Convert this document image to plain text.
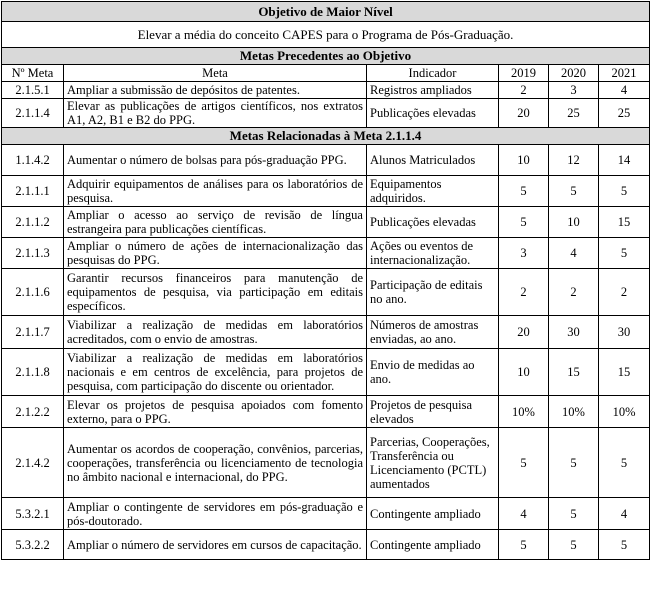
Objetivo de Maior Nível					
Elevar a média do conceito CAPES para o Programa de Pós-Graduação.					
Metas Precedentes ao Objetivo					
Nº Meta	Meta	Indicador	2019	2020	2021
2.1.5.1	Ampliar a submissão de depósitos de patentes.	Registros ampliados	2	3	4
2.1.1.4	Elevar as publicações de artigos científicos, nos extratos A1, A2, B1 e B2 do PPG.	Publicações elevadas	20	25	25
Metas Relacionadas à Meta 2.1.1.4					
1.1.4.2	Aumentar o número de bolsas para pós-graduação PPG.	Alunos Matriculados	10	12	14
2.1.1.1	Adquirir equipamentos de análises para os laboratórios de pesquisa.	Equipamentos adquiridos.	5	5	5
2.1.1.2	Ampliar o acesso ao serviço de revisão de língua estrangeira para publicações científicas.	Publicações elevadas	5	10	15
2.1.1.3	Ampliar o número de ações de internacionalização das pesquisas do PPG.	Ações ou eventos de internacionalização.	3	4	5
2.1.1.6	Garantir recursos financeiros para manutenção de equipamentos de pesquisa, via participação em editais específicos.	Participação de editais no ano.	2	2	2
2.1.1.7	Viabilizar a realização de medidas em laboratórios acreditados, com o envio de amostras.	Números de amostras enviadas, ao ano.	20	30	30
2.1.1.8	Viabilizar a realização de medidas em laboratórios nacionais e em centros de excelência, para projetos de pesquisa, com participação do discente ou orientador.	Envio de medidas ao ano.	10	15	15
2.1.2.2	Elevar os projetos de pesquisa apoiados com fomento externo, para o PPG.	Projetos de pesquisa elevados	10%	10%	10%
2.1.4.2	Aumentar os acordos de cooperação, convênios, parcerias, cooperações, transferência ou licenciamento de tecnologia no âmbito nacional e internacional, do PPG.	Parcerias, Cooperações, Transferência ou Licenciamento (PCTL) aumentados	5	5	5
5.3.2.1	Ampliar o contingente de servidores em pós-graduação e pós-doutorado.	Contingente ampliado	4	5	4
5.3.2.2	Ampliar o número de servidores em cursos de capacitação.	Contingente ampliado	5	5	5
